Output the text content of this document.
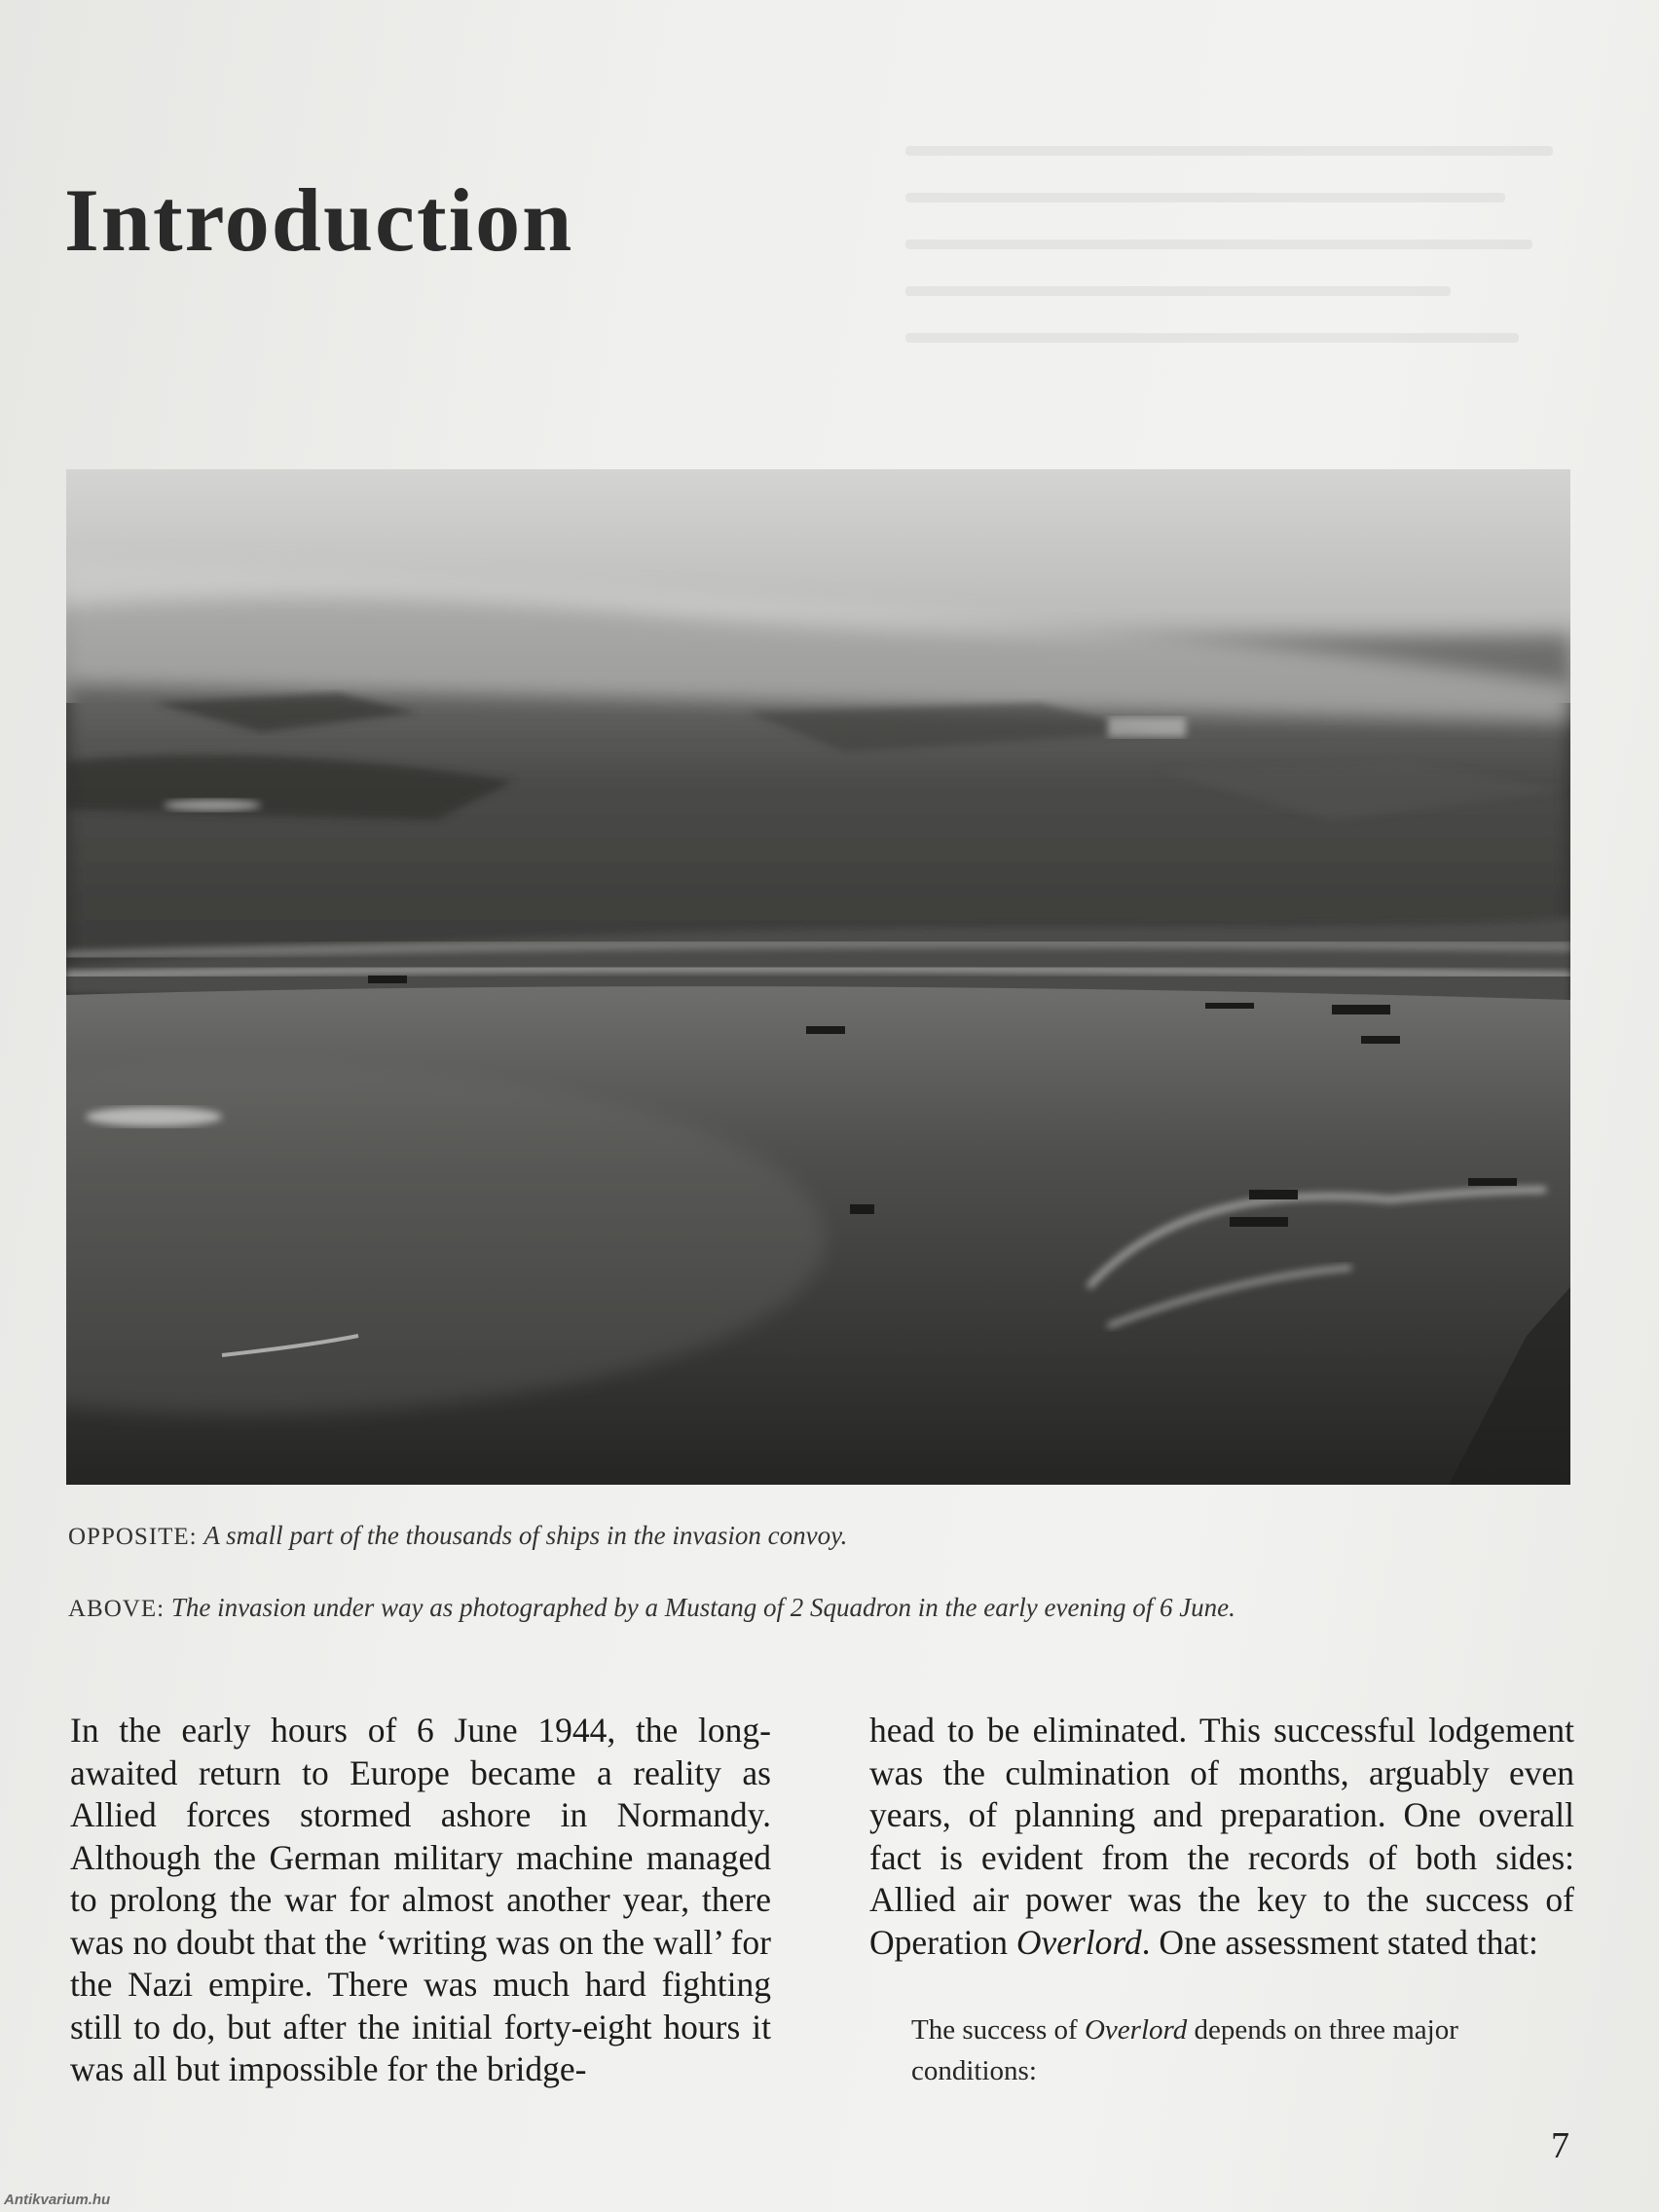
Introduction
OPPOSITE: A small part of the thousands of ships in the invasion convoy.
ABOVE: The invasion under way as photographed by a Mustang of 2 Squadron in the early evening of 6 June.

In the early hours of 6 June 1944, the long-awaited return to Europe became a reality as Allied forces stormed ashore in Normandy. Although the German military machine managed to prolong the war for almost another year, there was no doubt that the ‘writing was on the wall’ for the Nazi empire. There was much hard fighting still to do, but after the initial forty-eight hours it was all but impossible for the bridge-

head to be eliminated. This successful lodgement was the culmination of months, arguably even years, of planning and preparation. One overall fact is evident from the records of both sides: Allied air power was the key to the success of Operation Overlord. One assessment stated that:

The success of Overlord depends on three major conditions:

7
Antikvarium.hu
